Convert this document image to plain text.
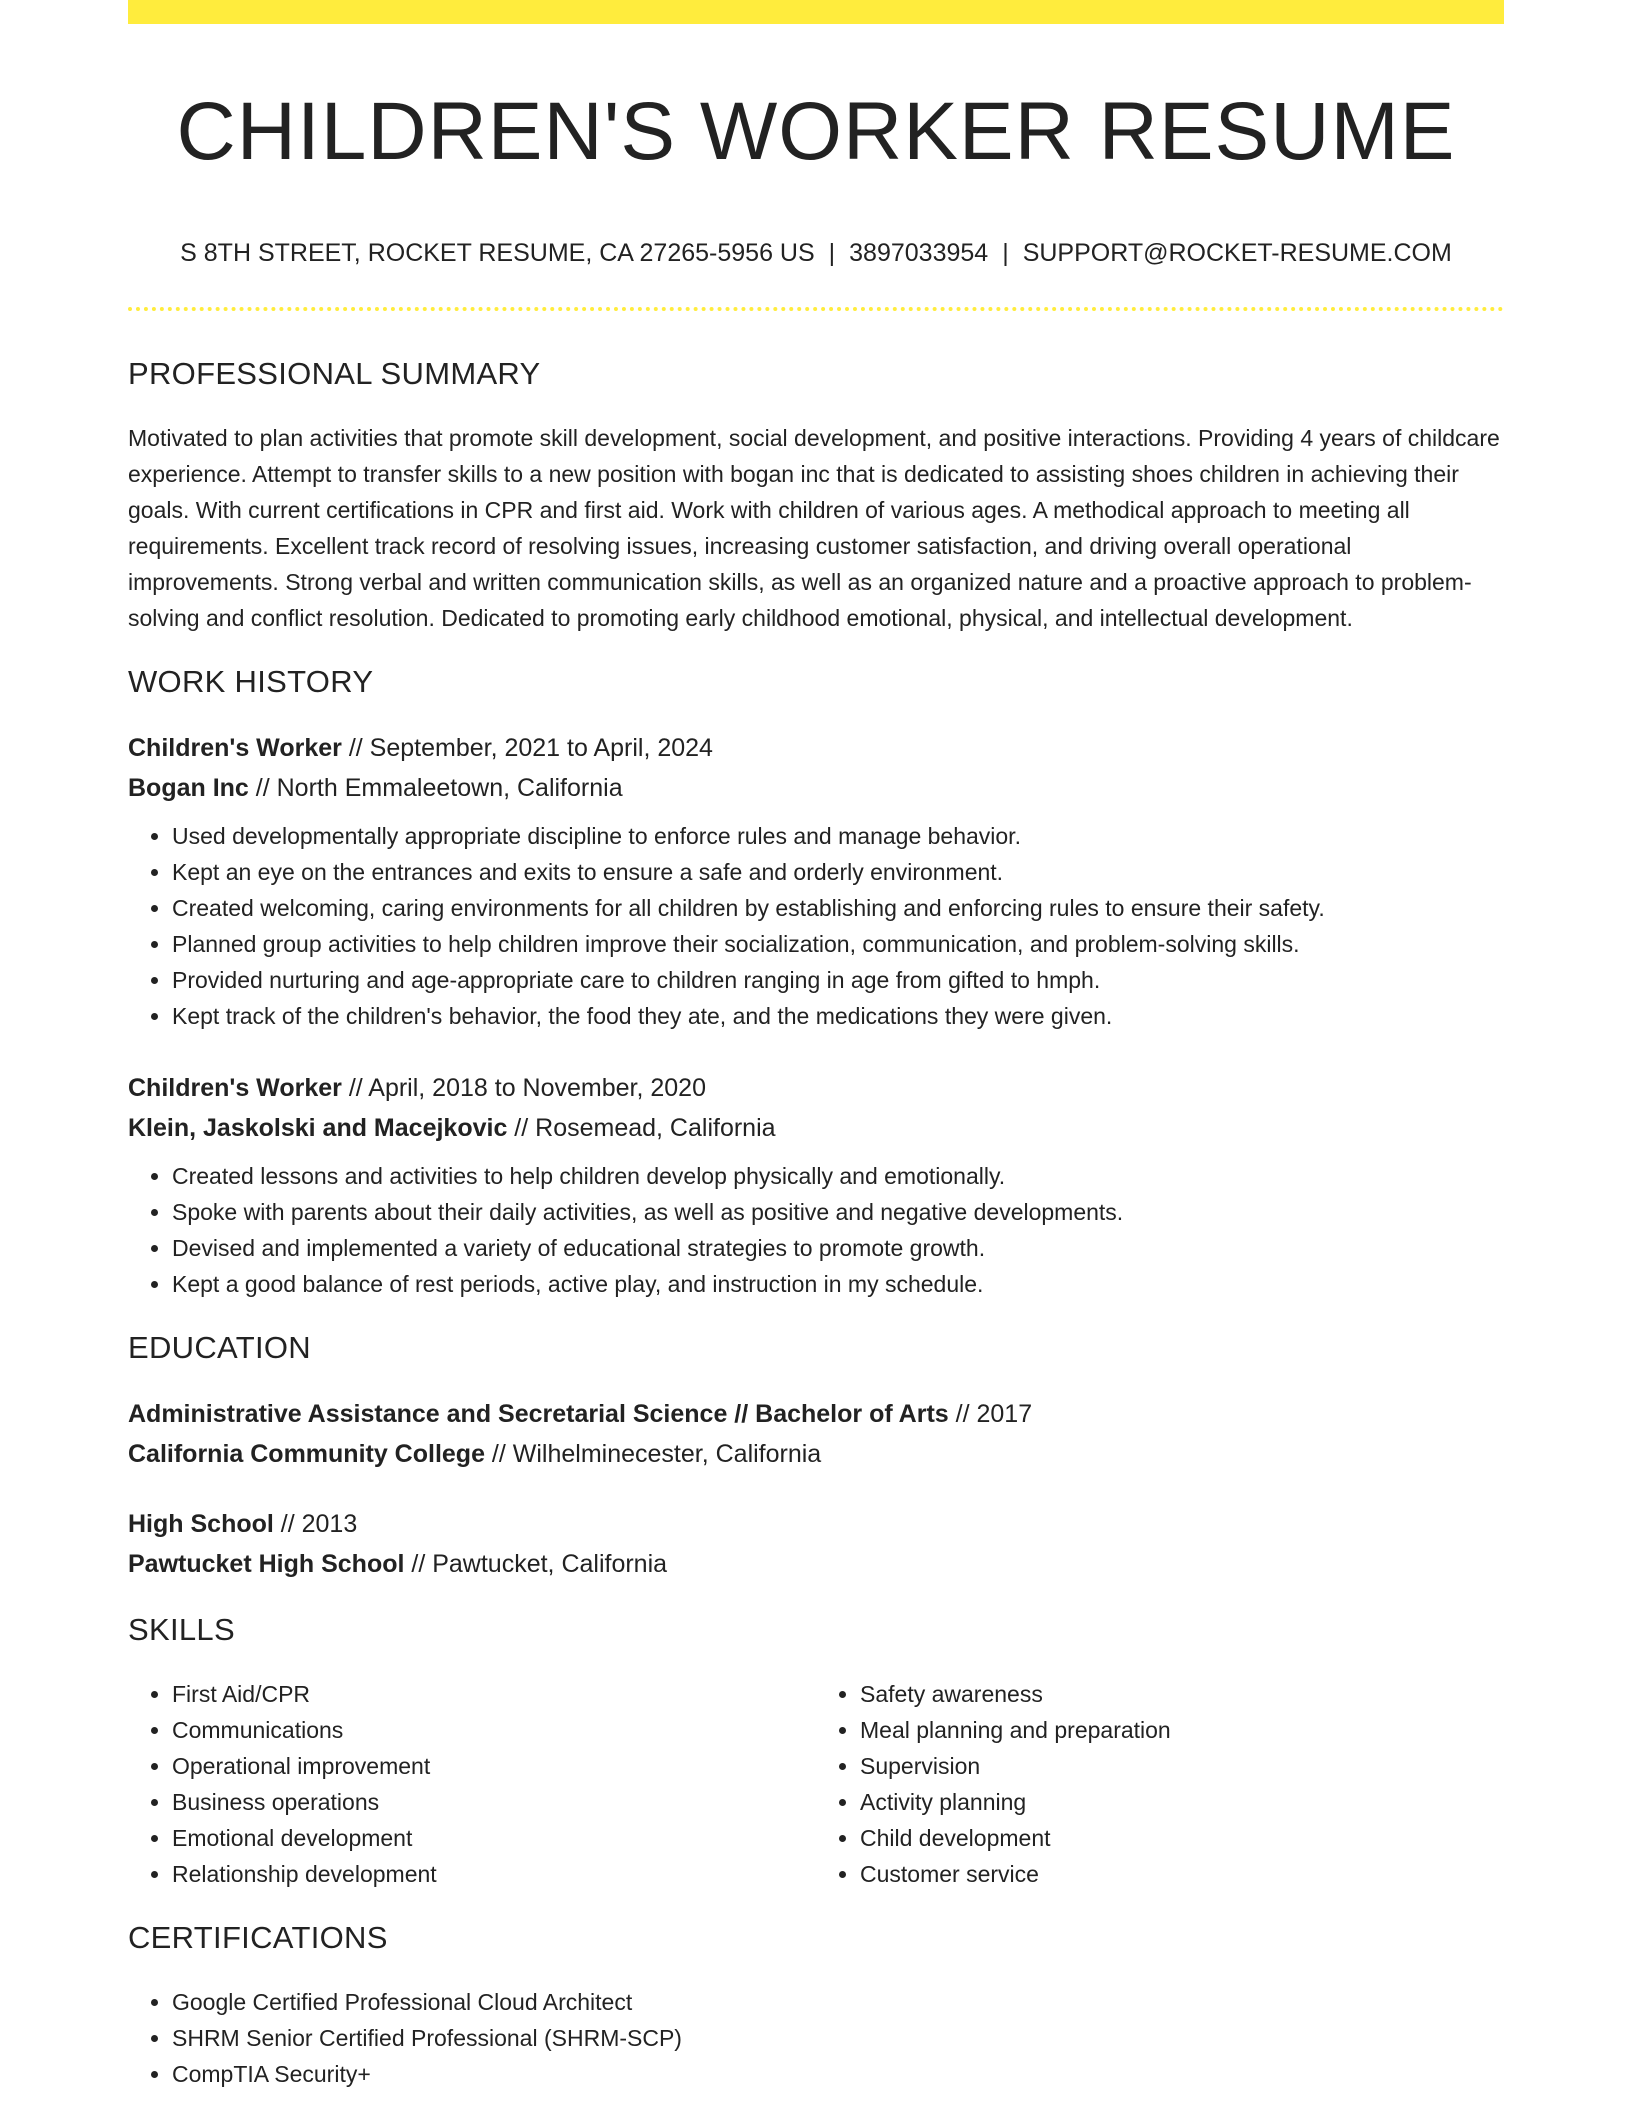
CHILDREN'S WORKER RESUME
S 8TH STREET, ROCKET RESUME, CA 27265-5956 US | 3897033954 | SUPPORT@ROCKET-RESUME.COM
PROFESSIONAL SUMMARY

Motivated to plan activities that promote skill development, social development, and positive interactions. Providing 4 years of childcare experience. Attempt to transfer skills to a new position with bogan inc that is dedicated to assisting shoes children in achieving their goals. With current certifications in CPR and first aid. Work with children of various ages. A methodical approach to meeting all requirements. Excellent track record of resolving issues, increasing customer satisfaction, and driving overall operational improvements. Strong verbal and written communication skills, as well as an organized nature and a proactive approach to problem-solving and conflict resolution. Dedicated to promoting early childhood emotional, physical, and intellectual development.

WORK HISTORY
Children's Worker // September, 2021 to April, 2024
Bogan Inc // North Emmaleetown, California
• Used developmentally appropriate discipline to enforce rules and manage behavior.
• Kept an eye on the entrances and exits to ensure a safe and orderly environment.
• Created welcoming, caring environments for all children by establishing and enforcing rules to ensure their safety.
• Planned group activities to help children improve their socialization, communication, and problem-solving skills.
• Provided nurturing and age-appropriate care to children ranging in age from gifted to hmph.
• Kept track of the children's behavior, the food they ate, and the medications they were given.
Children's Worker // April, 2018 to November, 2020
Klein, Jaskolski and Macejkovic // Rosemead, California
• Created lessons and activities to help children develop physically and emotionally.
• Spoke with parents about their daily activities, as well as positive and negative developments.
• Devised and implemented a variety of educational strategies to promote growth.
• Kept a good balance of rest periods, active play, and instruction in my schedule.
EDUCATION
Administrative Assistance and Secretarial Science // Bachelor of Arts // 2017
California Community College // Wilhelminecester, California
High School // 2013
Pawtucket High School // Pawtucket, California
SKILLS
• First Aid/CPR
• Communications
• Operational improvement
• Business operations
• Emotional development
• Relationship development
• Safety awareness
• Meal planning and preparation
• Supervision
• Activity planning
• Child development
• Customer service
CERTIFICATIONS
• Google Certified Professional Cloud Architect
• SHRM Senior Certified Professional (SHRM-SCP)
• CompTIA Security+
